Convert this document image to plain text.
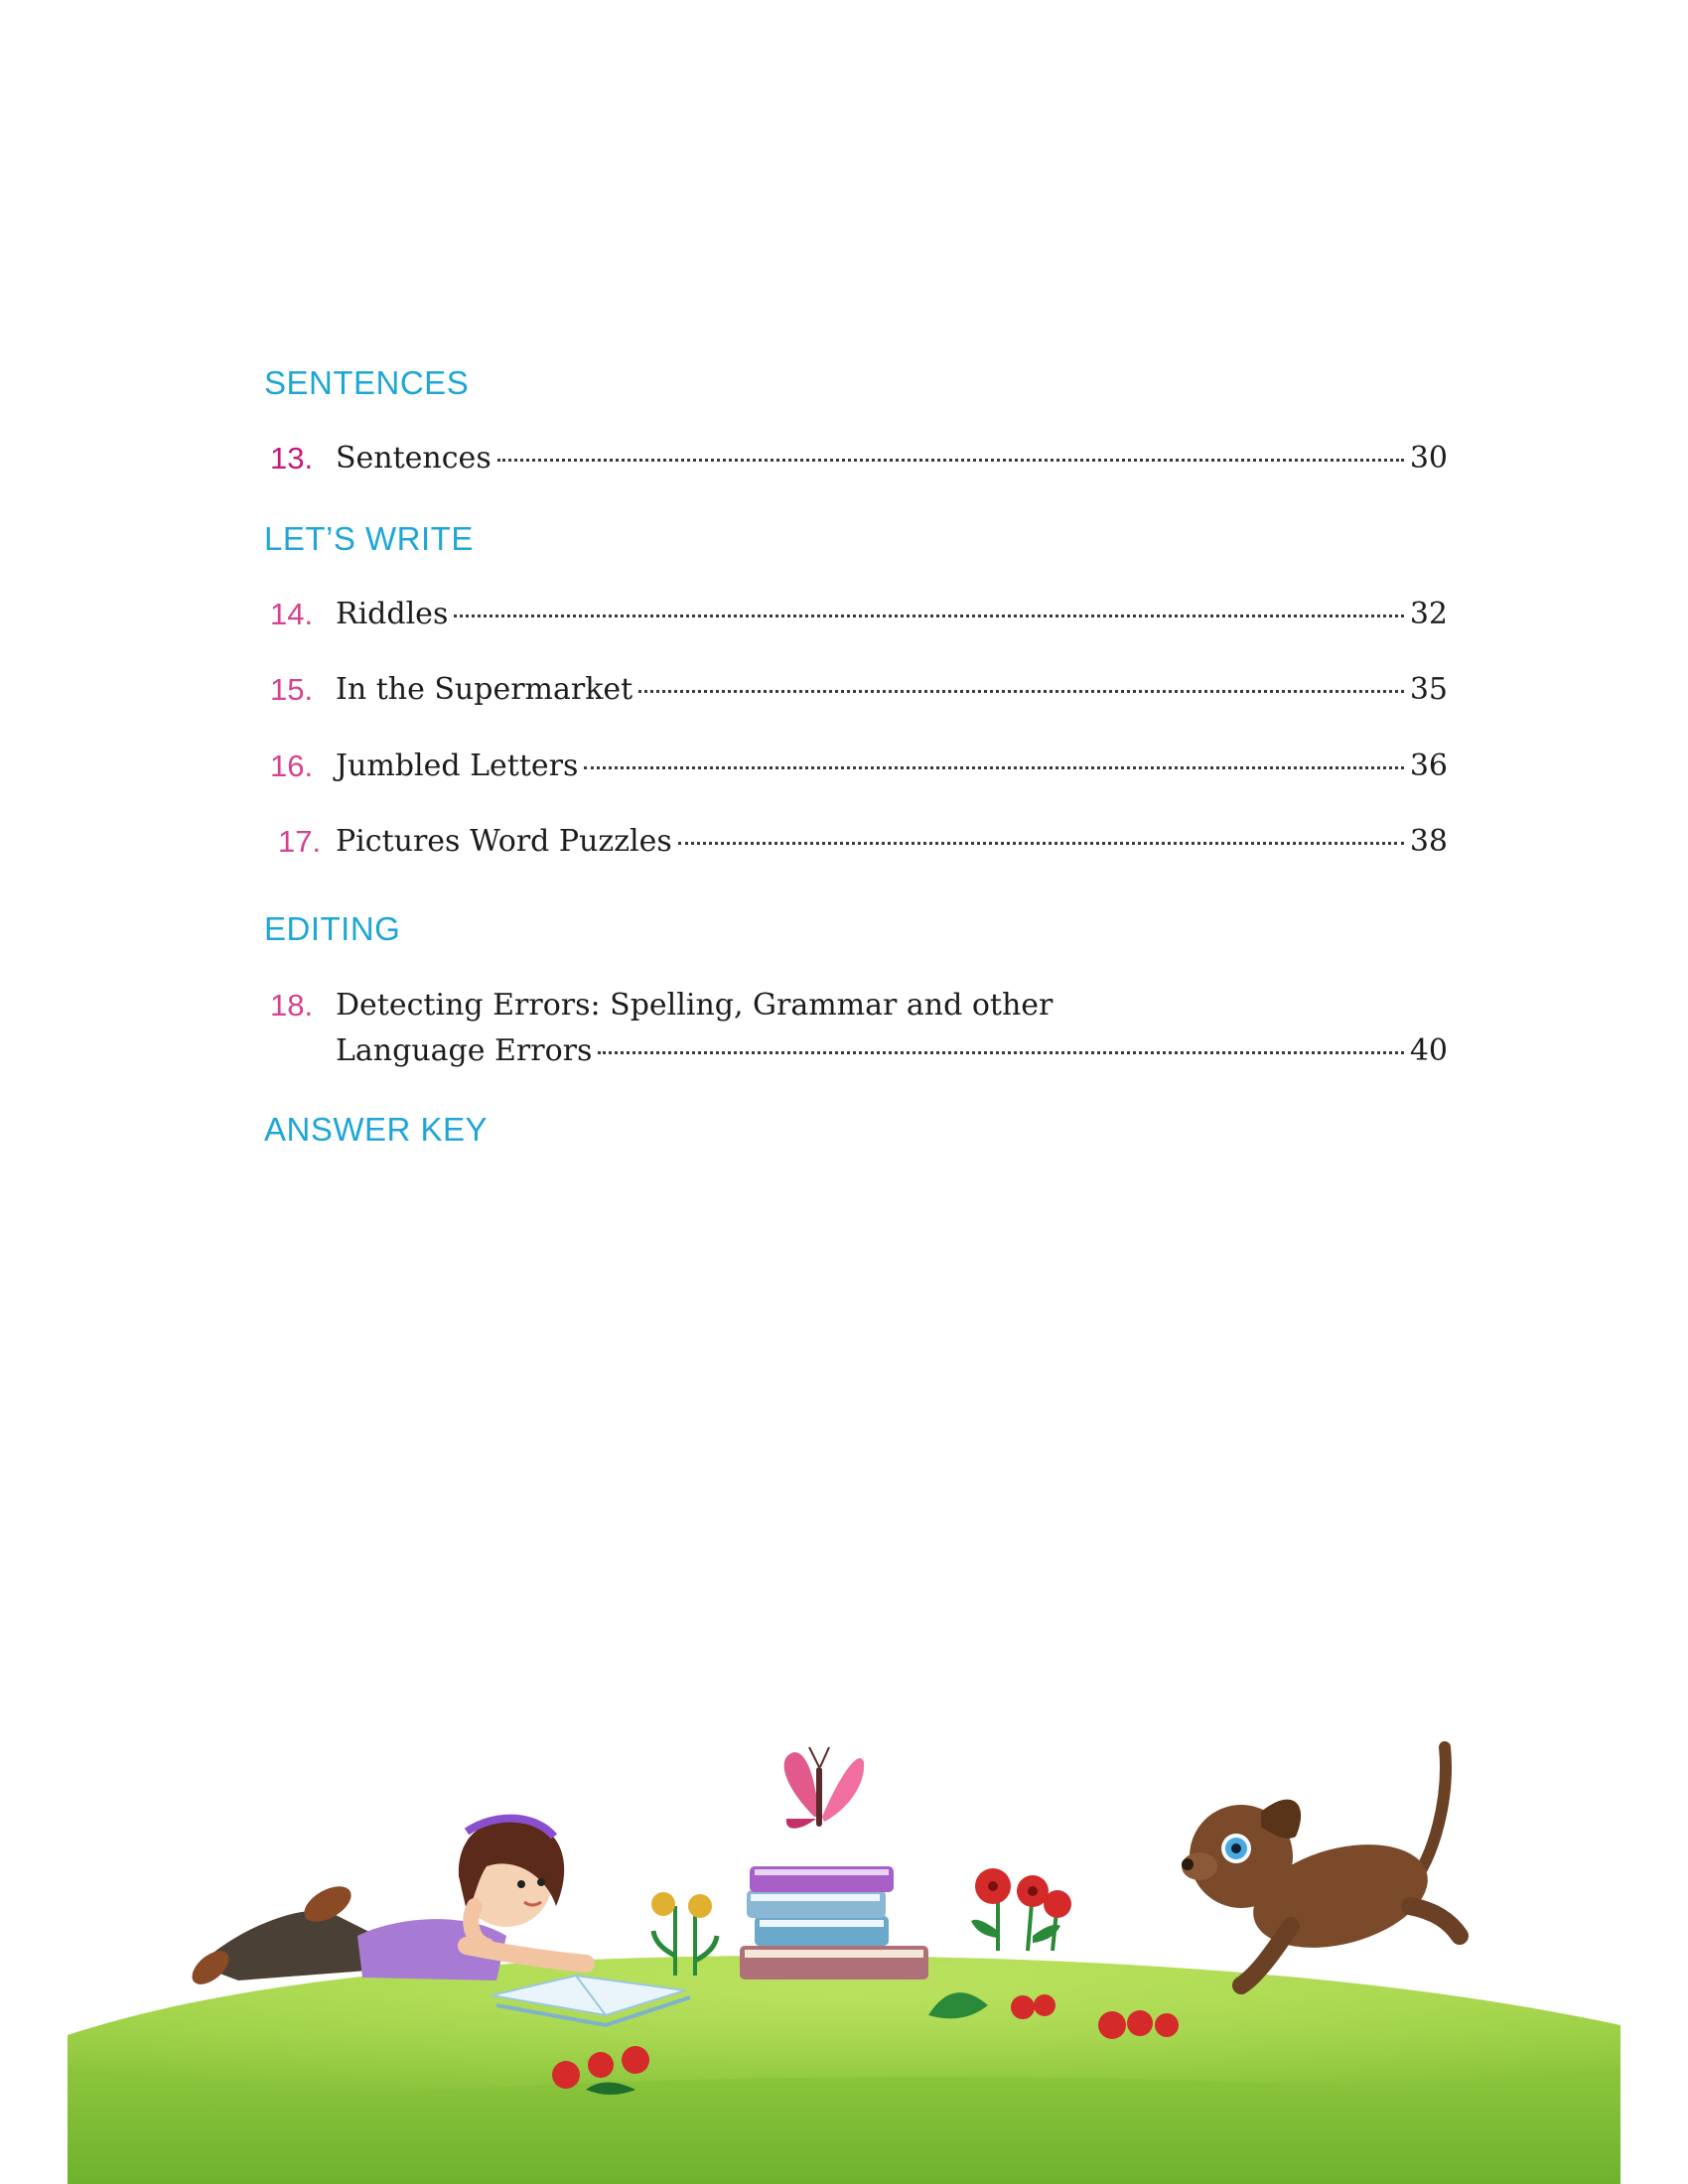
SENTENCES
13. Sentences	30
LET’S WRITE
14. Riddles	32
15. In the Supermarket	35
16. Jumbled Letters	36
17. Pictures Word Puzzles	38
EDITING
18. Detecting Errors: Spelling, Grammar and other
Language Errors	40
ANSWER KEY
